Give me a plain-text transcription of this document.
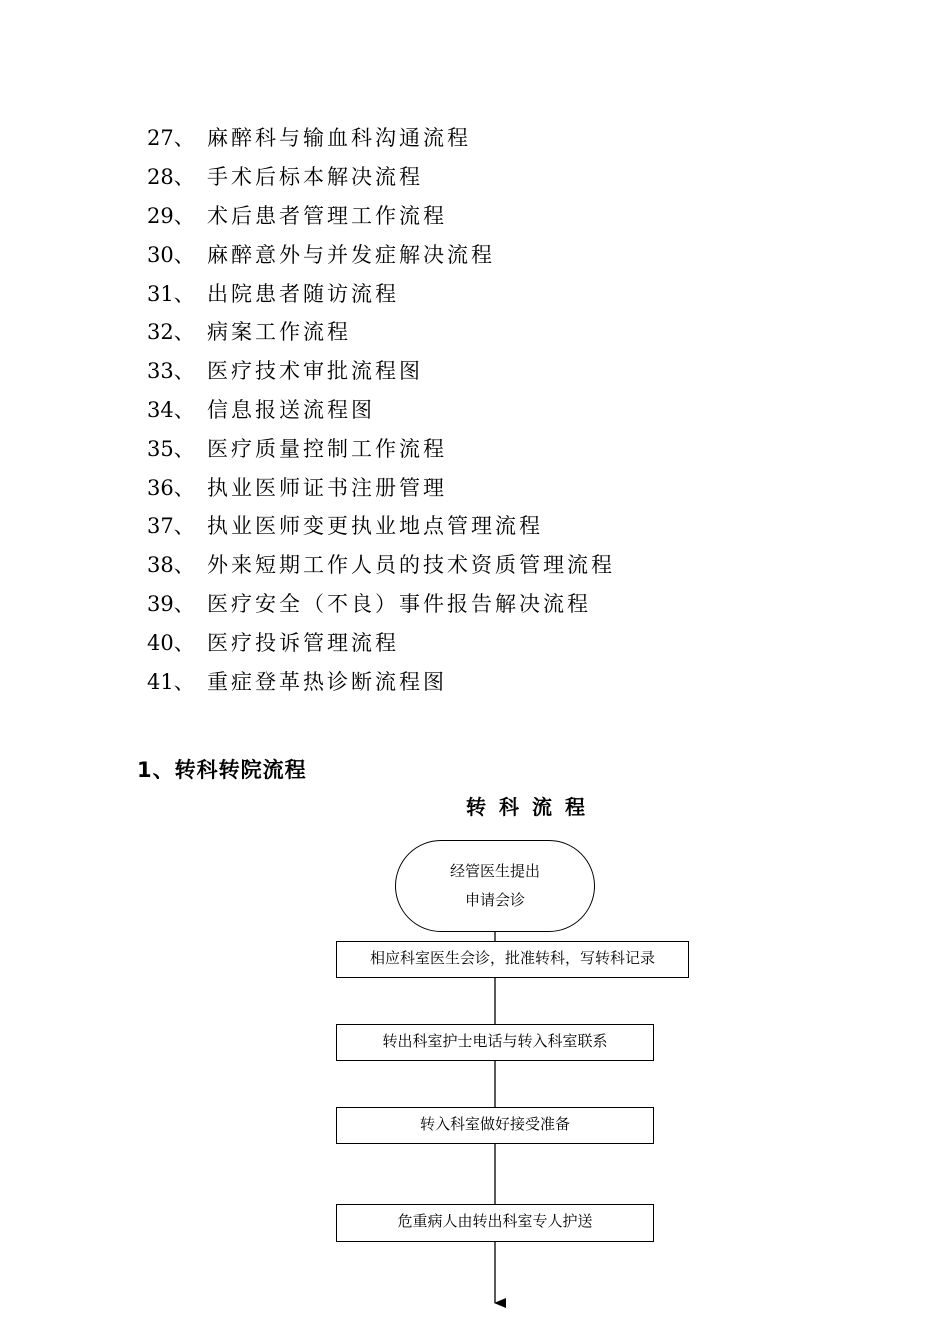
27、 麻醉科与输血科沟通流程
28、 手术后标本解决流程
29、 术后患者管理工作流程
30、 麻醉意外与并发症解决流程
31、 出院患者随访流程
32、 病案工作流程
33、 医疗技术审批流程图
34、 信息报送流程图
35、 医疗质量控制工作流程
36、 执业医师证书注册管理
37、 执业医师变更执业地点管理流程
38、 外来短期工作人员的技术资质管理流程
39、 医疗安全（不良）事件报告解决流程
40、 医疗投诉管理流程
41、 重症登革热诊断流程图
1、转科转院流程
转科流程
经管医生提出
申请会诊
相应科室医生会诊，批准转科，写转科记录
转出科室护士电话与转入科室联系
转入科室做好接受准备
危重病人由转出科室专人护送
